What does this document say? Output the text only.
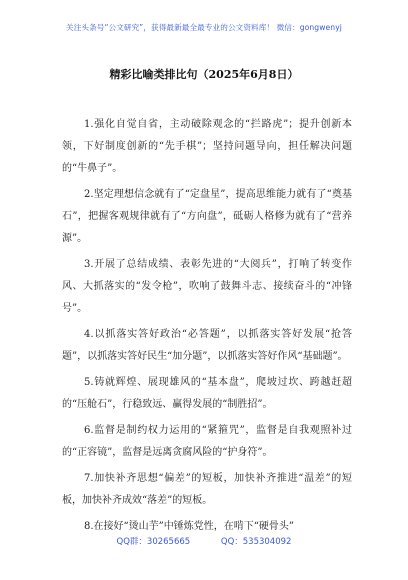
关注头条号“公文研究”，获得最新最全最专业的公文资料库！ 微信：gongwenyj
精彩比喻类排比句（2025年6月8日）

1.强化自觉自省，主动破除观念的“拦路虎”；提升创新本领，下好制度创新的“先手棋”；坚持问题导向，担任解决问题的“牛鼻子”。

2.坚定理想信念就有了“定盘星”，提高思维能力就有了“奠基石”，把握客观规律就有了“方向盘”，砥砺人格修为就有了“营养源”。

3.开展了总结成绩、表彰先进的“大阅兵”，打响了转变作风、大抓落实的“发令枪”，吹响了鼓舞斗志、接续奋斗的“冲锋号”。

4.以抓落实答好政治“必答题”，以抓落实答好发展“抢答题”，以抓落实答好民生“加分题”，以抓落实答好作风“基础题”。

5.铸就辉煌、展现雄风的“基本盘”，爬坡过坎、跨越赶超的“压舱石”，行稳致远、赢得发展的“制胜招”。

6.监督是制约权力运用的“紧箍咒”，监督是自我观照补过的“正容镜”，监督是远离贪腐风险的“护身符”。

7.加快补齐思想“偏差”的短板，加快补齐推进“温差”的短板，加快补齐成效“落差”的短板。

8.在接好“烫山芋”中锤炼党性，在啃下“硬骨头”

QQ群：30265665	QQ：535304092
